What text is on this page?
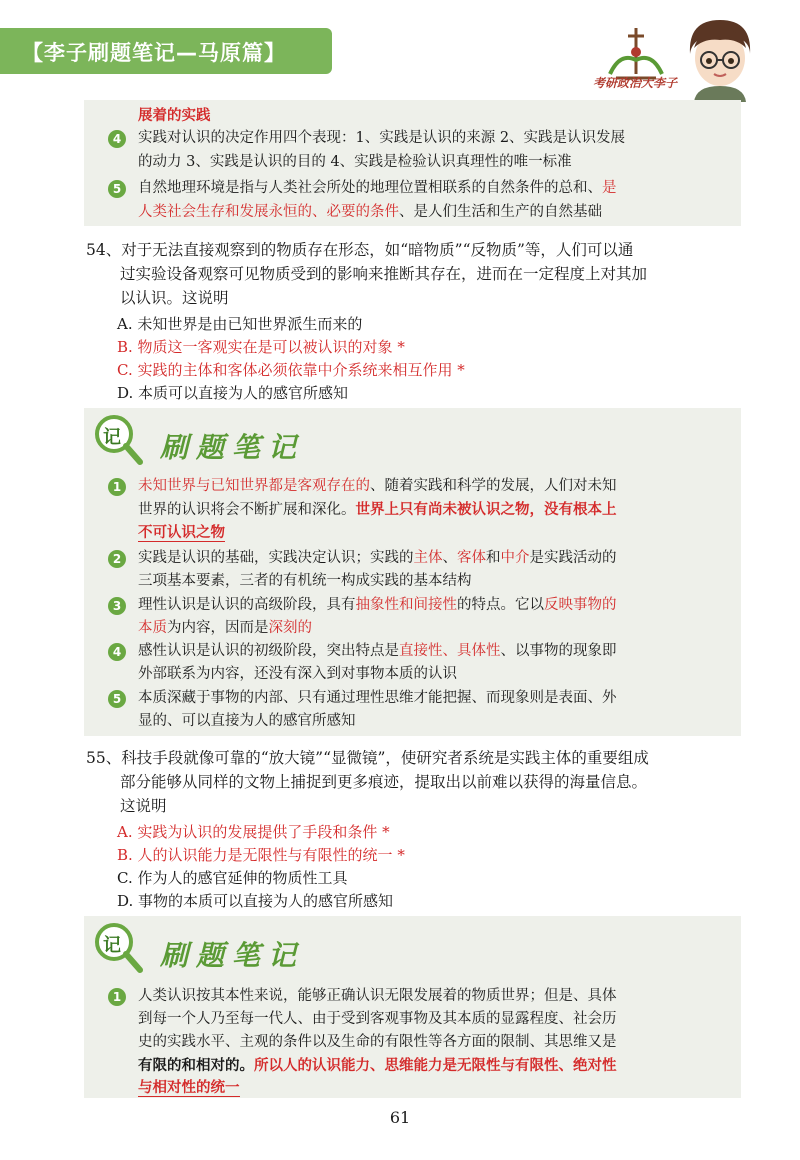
【李子刷题笔记—马原篇】
考研政治大李子
展着的实践
4	实践对认识的决定作用四个表现：1、实践是认识的来源 2、实践是认识发展
的动力 3、实践是认识的目的 4、实践是检验认识真理性的唯一标准
5	自然地理环境是指与人类社会所处的地理位置相联系的自然条件的总和、是
人类社会生存和发展永恒的、必要的条件、是人们生活和生产的自然基础
54、对于无法直接观察到的物质存在形态，如“暗物质”“反物质”等，人们可以通
过实验设备观察可见物质受到的影响来推断其存在，进而在一定程度上对其加
以认识。这说明
A. 未知世界是由已知世界派生而来的
B. 物质这一客观实在是可以被认识的对象 *
C. 实践的主体和客体必须依靠中介系统来相互作用 *
D. 本质可以直接为人的感官所感知
记 刷题笔记
1	未知世界与已知世界都是客观存在的、随着实践和科学的发展，人们对未知
世界的认识将会不断扩展和深化。世界上只有尚未被认识之物，没有根本上
不可认识之物
2	实践是认识的基础，实践决定认识；实践的主体、客体和中介是实践活动的
三项基本要素，三者的有机统一构成实践的基本结构
3	理性认识是认识的高级阶段，具有抽象性和间接性的特点。它以反映事物的
本质为内容，因而是深刻的
4	感性认识是认识的初级阶段，突出特点是直接性、具体性、以事物的现象即
外部联系为内容，还没有深入到对事物本质的认识
5	本质深藏于事物的内部、只有通过理性思维才能把握、而现象则是表面、外
显的、可以直接为人的感官所感知
55、科技手段就像可靠的“放大镜”“显微镜”，使研究者系统是实践主体的重要组成
部分能够从同样的文物上捕捉到更多痕迹，提取出以前难以获得的海量信息。
这说明
A. 实践为认识的发展提供了手段和条件 *
B. 人的认识能力是无限性与有限性的统一 *
C. 作为人的感官延伸的物质性工具
D. 事物的本质可以直接为人的感官所感知
记 刷题笔记
1	人类认识按其本性来说，能够正确认识无限发展着的物质世界；但是、具体
到每一个人乃至每一代人、由于受到客观事物及其本质的显露程度、社会历
史的实践水平、主观的条件以及生命的有限性等各方面的限制、其思维又是
有限的和相对的。所以人的认识能力、思维能力是无限性与有限性、绝对性
与相对性的统一
61
